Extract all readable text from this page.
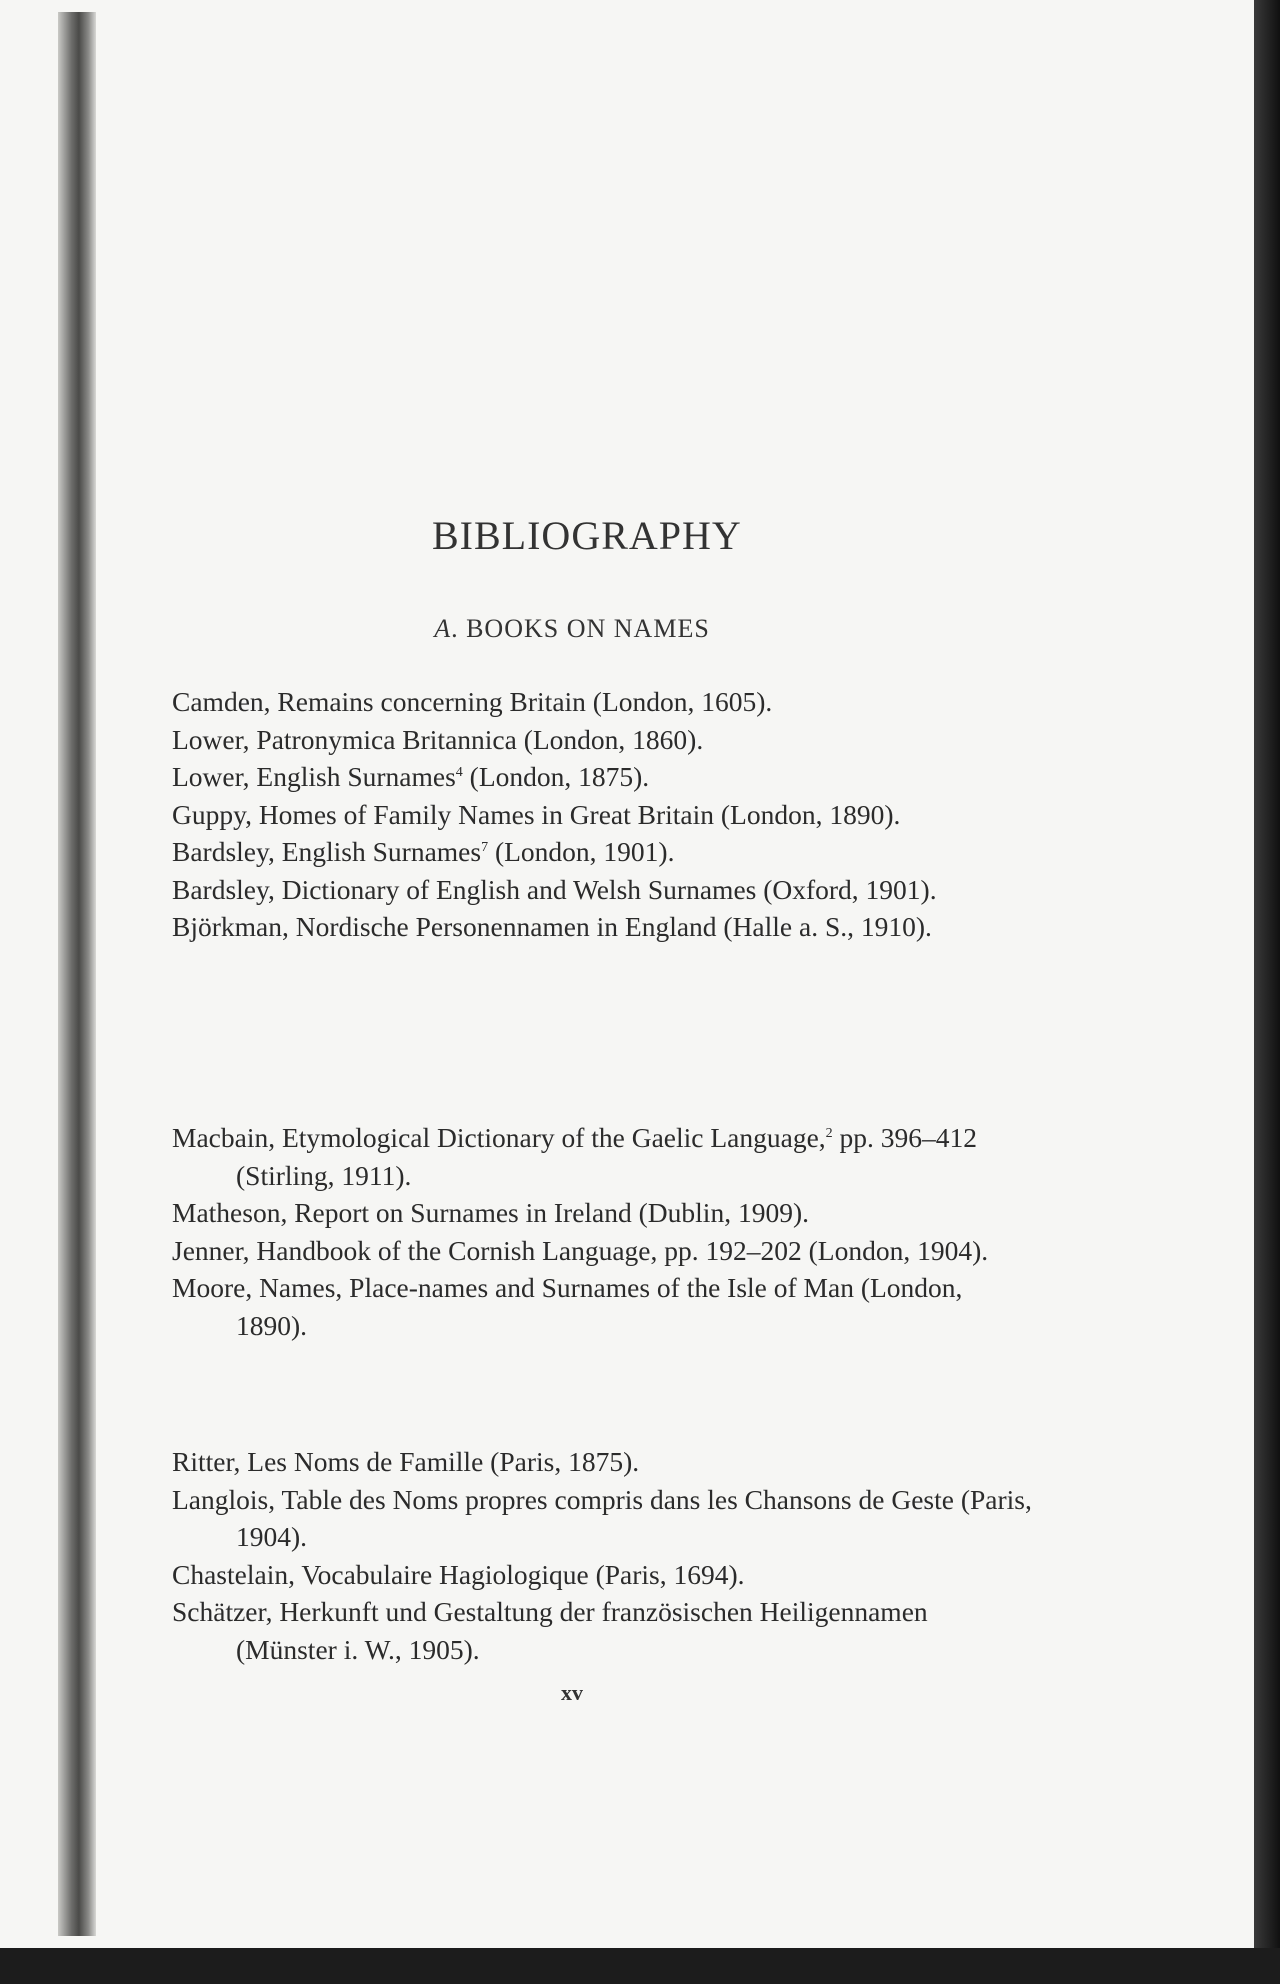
BIBLIOGRAPHY
A. BOOKS ON NAMES

Camden, Remains concerning Britain (London, 1605).

Lower, Patronymica Britannica (London, 1860).

Lower, English Surnames$^4$ (London, 1875).

Guppy, Homes of Family Names in Great Britain (London, 1890).

Bardsley, English Surnames$^7$ (London, 1901).

Bardsley, Dictionary of English and Welsh Surnames (Oxford, 1901).

Björkman, Nordische Personennamen in England (Halle a. S., 1910).

Macbain, Etymological Dictionary of the Gaelic Language,$^2$ pp. 396–412 (Stirling, 1911).

Matheson, Report on Surnames in Ireland (Dublin, 1909).

Jenner, Handbook of the Cornish Language, pp. 192–202 (London, 1904).

Moore, Names, Place-names and Surnames of the Isle of Man (London, 1890).

Ritter, Les Noms de Famille (Paris, 1875).

Langlois, Table des Noms propres compris dans les Chansons de Geste (Paris, 1904).

Chastelain, Vocabulaire Hagiologique (Paris, 1694).

Schätzer, Herkunft und Gestaltung der französischen Heiligennamen (Münster i. W., 1905).

xv
